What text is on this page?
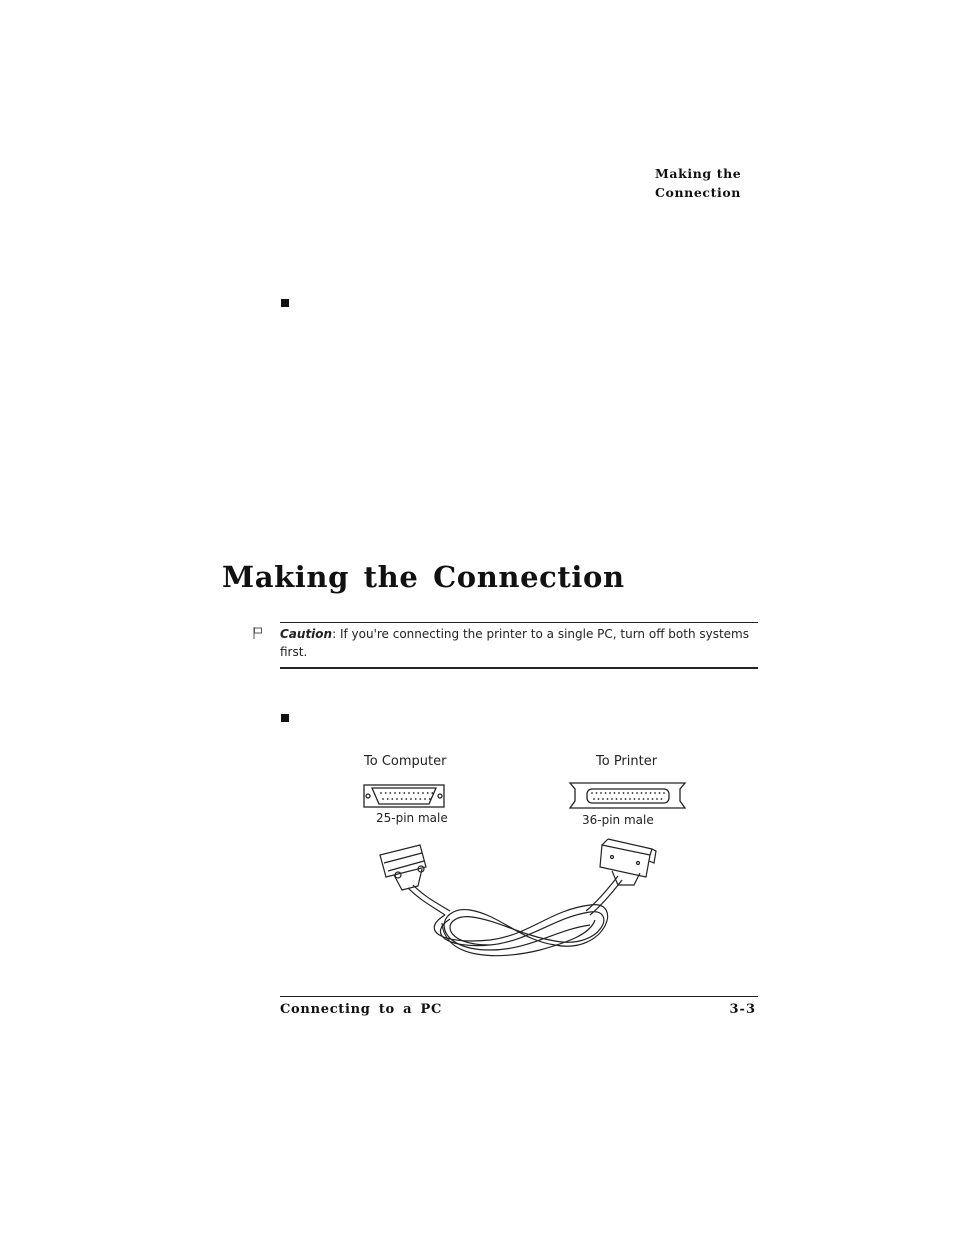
Making the
Connection
Making the Connection
Caution: If you're connecting the printer to a single PC, turn off both systems first.
To Computer	To Printer
25-pin male	36-pin male
Connecting to a PC	3-3
